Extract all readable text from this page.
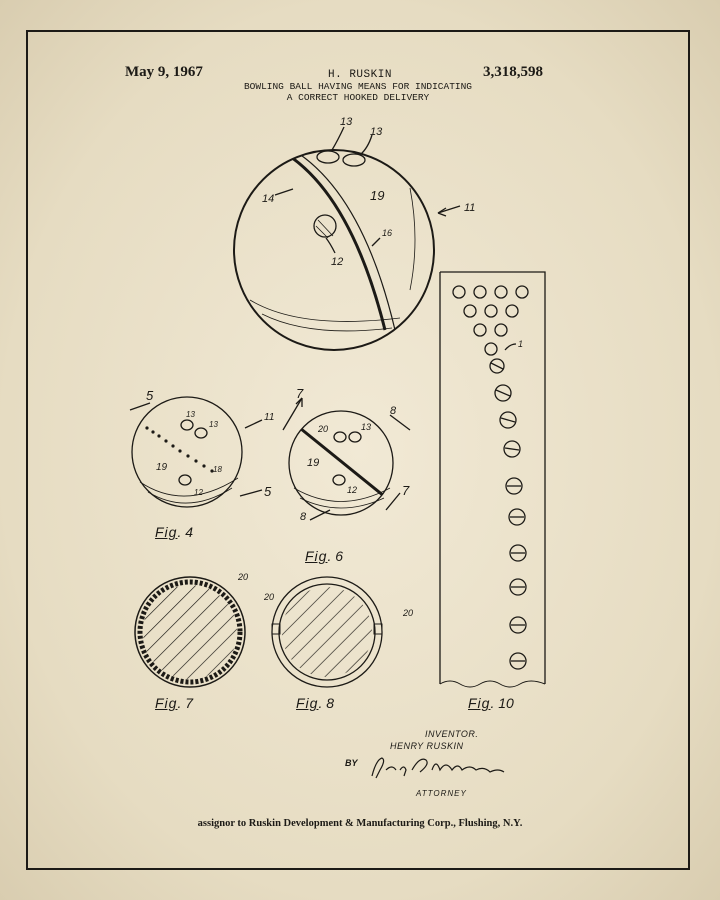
May 9, 1967	3,318,598
H. RUSKIN
BOWLING BALL HAVING MEANS FOR INDICATING
A CORRECT HOOKED DELIVERY
13
13
14	19
11
16
12
5
5
11
13
13
19	18
12
7
7
8
8
20	13
19
12
20
20
20
1
Fig. 4
Fig. 6
Fig. 7	Fig. 8	Fig. 10
INVENTOR.
HENRY RUSKIN
BY
ATTORNEY
assignor to Ruskin Development & Manufacturing Corp., Flushing, N.Y.
